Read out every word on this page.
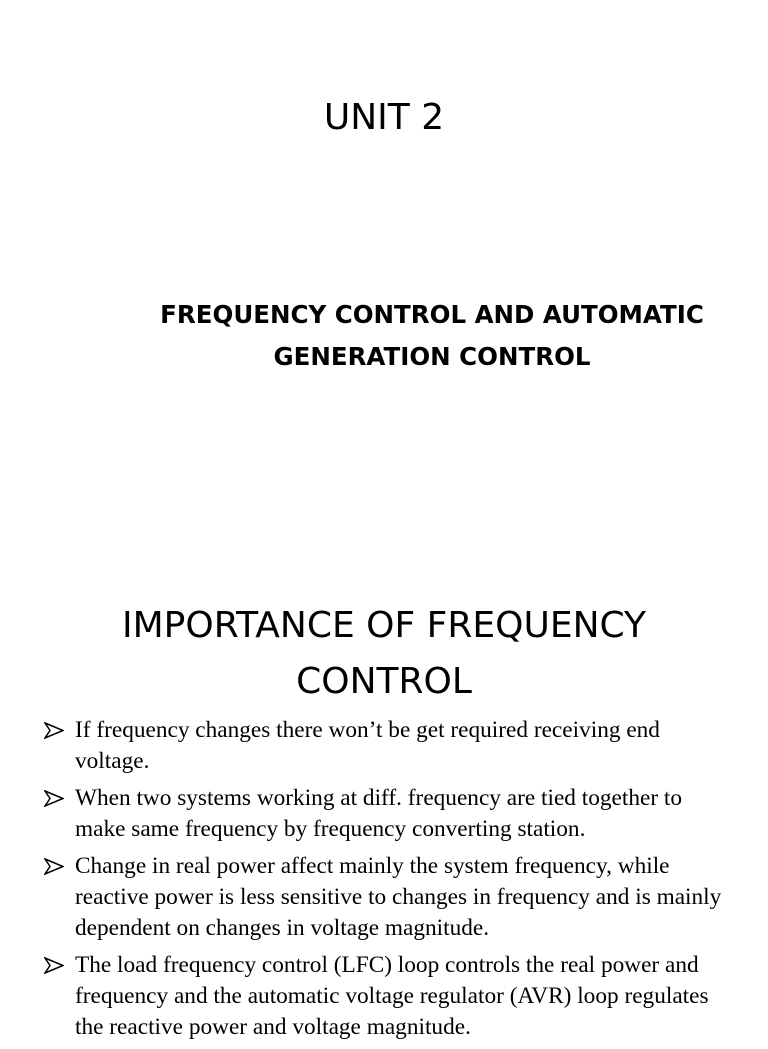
UNIT 2
FREQUENCY CONTROL AND AUTOMATIC
GENERATION CONTROL
IMPORTANCE OF FREQUENCY
CONTROL
If frequency changes there won’t be get required receiving end voltage.
When two systems working at diff. frequency are tied together to make same frequency by frequency converting station.
Change in real power affect mainly the system frequency, while reactive power is less sensitive to changes in frequency and is mainly dependent on changes in voltage magnitude.
The load frequency control (LFC) loop controls the real power and frequency and the automatic voltage regulator (AVR) loop regulates the reactive power and voltage magnitude.
